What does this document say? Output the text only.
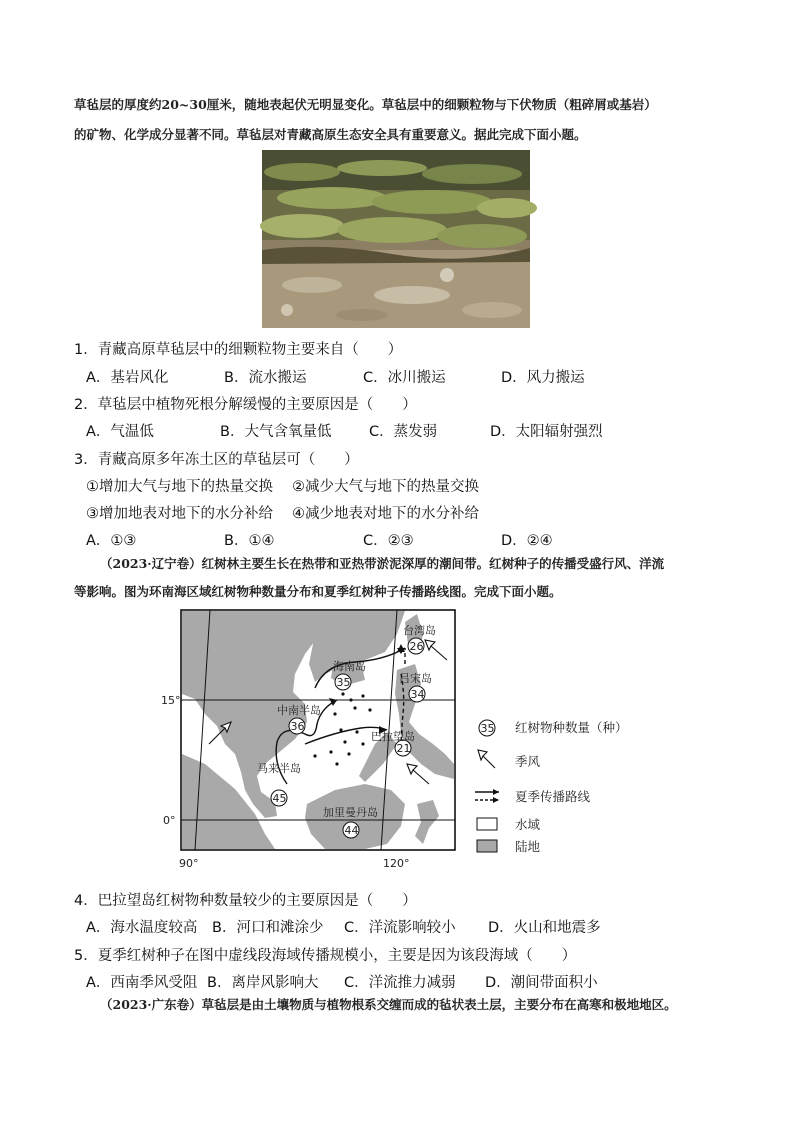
草毡层的厚度约20~30厘米，随地表起伏无明显变化。草毡层中的细颗粒物与下伏物质（粗碎屑或基岩）
的矿物、化学成分显著不同。草毡层对青藏高原生态安全具有重要意义。据此完成下面小题。
1．青藏高原草毡层中的细颗粒物主要来自（　　）
A．基岩风化	B．流水搬运	C．冰川搬运	D．风力搬运
2．草毡层中植物死根分解缓慢的主要原因是（　　）
A．气温低	B．大气含氧量低	C．蒸发弱	D．太阳辐射强烈
3．青藏高原多年冻土区的草毡层可（　　）
①增加大气与地下的热量交换 ②减少大气与地下的热量交换
③增加地表对地下的水分补给 ④减少地表对地下的水分补给
A．①③	B．①④	C．②③	D．②④
（2023·辽宁卷）红树林主要生长在热带和亚热带淤泥深厚的潮间带。红树种子的传播受盛行风、洋流
等影响。图为环南海区域红树物种数量分布和夏季红树种子传播路线图。完成下面小题。
15°
0°
90°	120°
26
台湾岛
35
海南岛
36
中南半岛
34
吕宋岛
21
巴拉望岛
45
马来半岛
44
加里曼丹岛
35 红树物种数量（种）
季风
夏季传播路线
水域
陆地
4．巴拉望岛红树物种数量较少的主要原因是（　　）
A．海水温度较高 B．河口和滩涂少 C．洋流影响较小 D．火山和地震多
5．夏季红树种子在图中虚线段海域传播规模小，主要是因为该段海域（　　）
A．西南季风受阻 B．离岸风影响大 C．洋流推力减弱 D．潮间带面积小
（2023·广东卷）草毡层是由土壤物质与植物根系交缠而成的毡状表土层，主要分布在高寒和极地地区。
